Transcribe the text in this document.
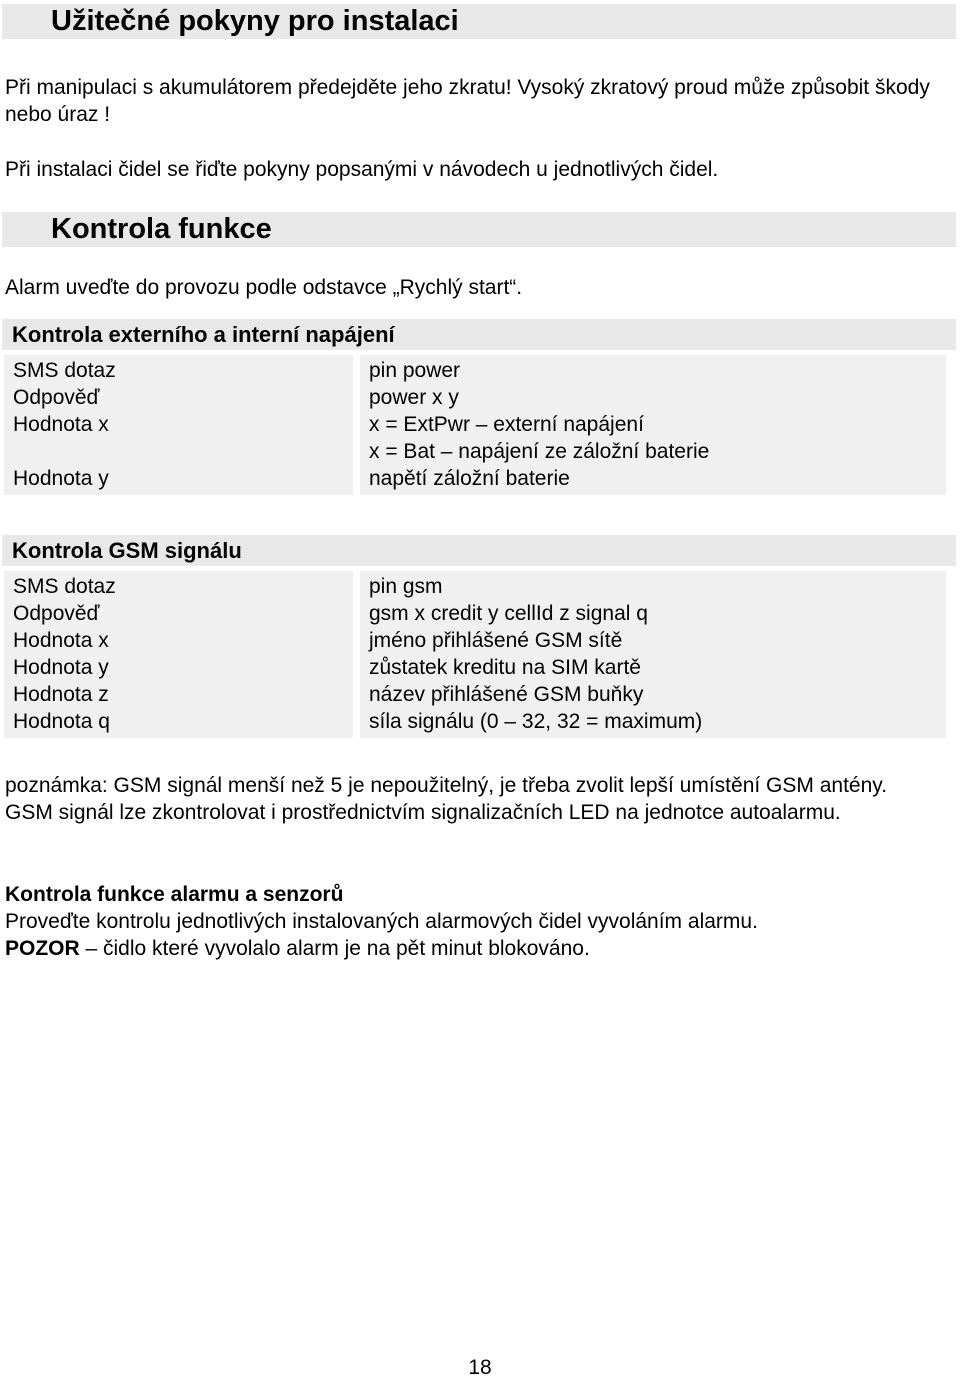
Užitečné pokyny pro instalaci

Při manipulaci s akumulátorem předejděte jeho zkratu! Vysoký zkratový proud může způsobit škody nebo úraz !

Při instalaci čidel se řiďte pokyny popsanými v návodech u jednotlivých čidel.

Kontrola funkce

Alarm uveďte do provozu podle odstavce „Rychlý start“.

Kontrola externího a interní napájení
SMS dotaz
Odpověď
Hodnota x

Hodnota y
pin power
power x y
x = ExtPwr – externí napájení
x = Bat – napájení ze záložní baterie
napětí záložní baterie
Kontrola GSM signálu
SMS dotaz
Odpověď
Hodnota x
Hodnota y
Hodnota z
Hodnota q
pin gsm
gsm x credit y cellId z signal q
jméno přihlášené GSM sítě
zůstatek kreditu na SIM kartě
název přihlášené GSM buňky
síla signálu (0 – 32, 32 = maximum)

poznámka: GSM signál menší než 5 je nepoužitelný, je třeba zvolit lepší umístění GSM antény. GSM signál lze zkontrolovat i prostřednictvím signalizačních LED na jednotce autoalarmu.

Kontrola funkce alarmu a senzorů

Proveďte kontrolu jednotlivých instalovaných alarmových čidel vyvoláním alarmu.

POZOR – čidlo které vyvolalo alarm je na pět minut blokováno.

18
